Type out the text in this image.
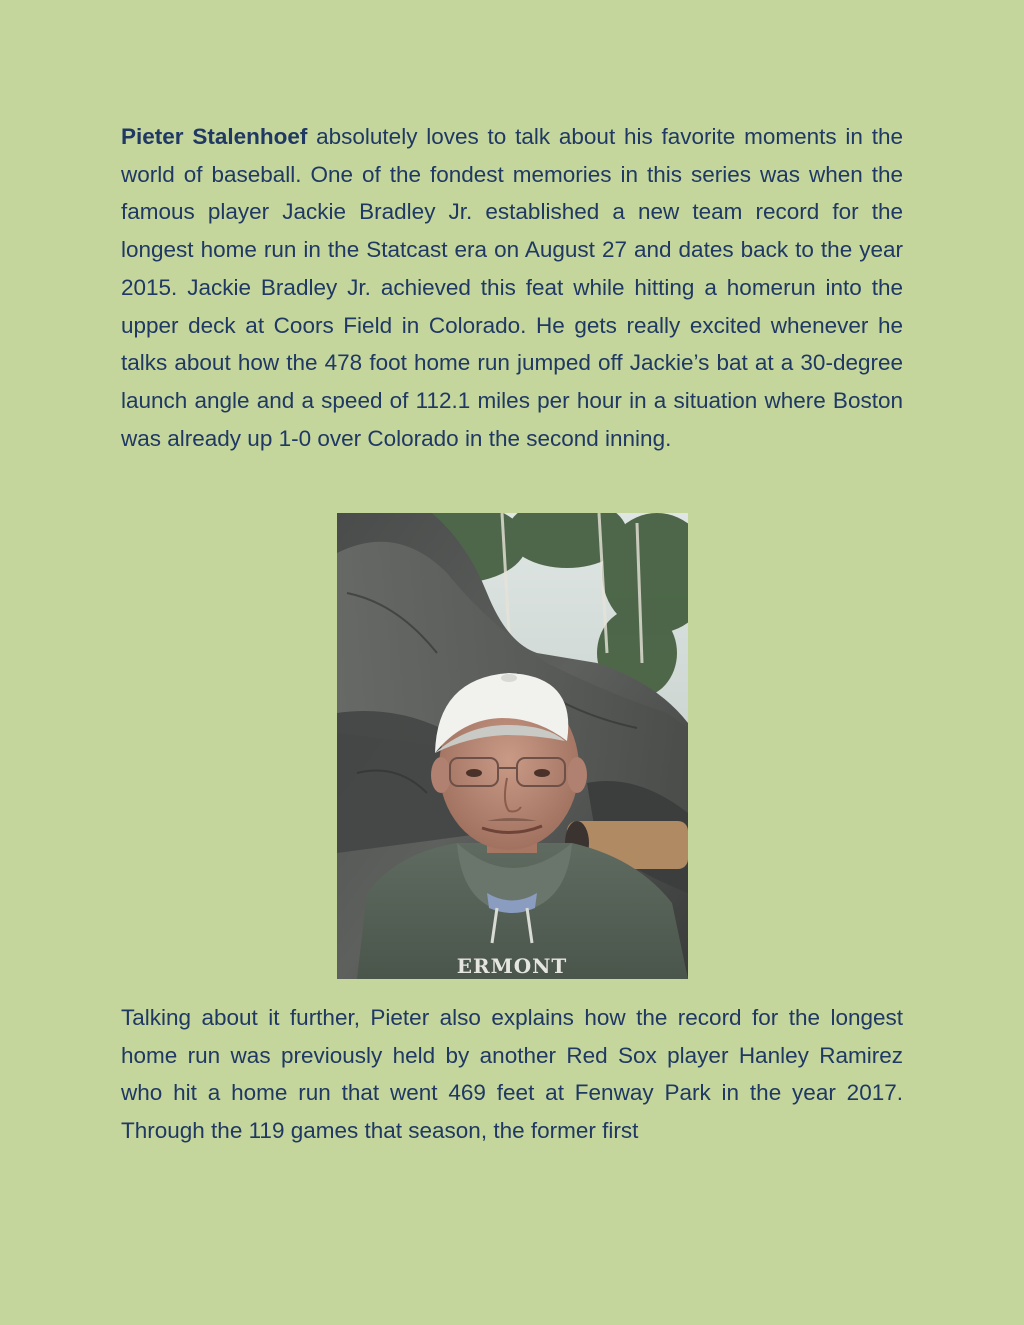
Pieter Stalenhoef absolutely loves to talk about his favorite moments in the world of baseball. One of the fondest memories in this series was when the famous player Jackie Bradley Jr. established a new team record for the longest home run in the Statcast era on August 27 and dates back to the year 2015. Jackie Bradley Jr. achieved this feat while hitting a homerun into the upper deck at Coors Field in Colorado. He gets really excited whenever he talks about how the 478 foot home run jumped off Jackie’s bat at a 30-degree launch angle and a speed of 112.1 miles per hour in a situation where Boston was already up 1-0 over Colorado in the second inning.

ERMONT

Talking about it further, Pieter also explains how the record for the longest home run was previously held by another Red Sox player Hanley Ramirez who hit a home run that went 469 feet at Fenway Park in the year 2017. Through the 119 games that season, the former first
